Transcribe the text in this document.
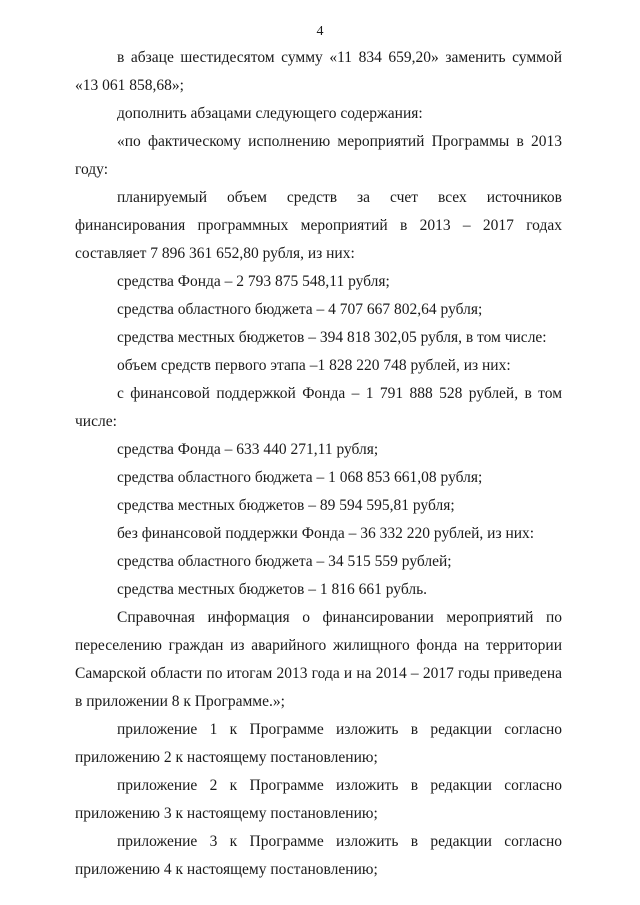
4

в абзаце шестидесятом сумму «11 834 659,20» заменить суммой «13 061 858,68»;

дополнить абзацами следующего содержания:

«по фактическому исполнению мероприятий Программы в 2013 году:

планируемый объем средств за счет всех источников финансирования программных мероприятий в 2013 – 2017 годах составляет 7 896 361 652,80 рубля, из них:

средства Фонда – 2 793 875 548,11 рубля;

средства областного бюджета – 4 707 667 802,64 рубля;

средства местных бюджетов – 394 818 302,05 рубля, в том числе:

объем средств первого этапа –1 828 220 748 рублей, из них:

с финансовой поддержкой Фонда – 1 791 888 528 рублей, в том числе:

средства Фонда – 633 440 271,11 рубля;

средства областного бюджета – 1 068 853 661,08 рубля;

средства местных бюджетов – 89 594 595,81 рубля;

без финансовой поддержки Фонда – 36 332 220 рублей, из них:

средства областного бюджета – 34 515 559 рублей;

средства местных бюджетов – 1 816 661 рубль.

Справочная информация о финансировании мероприятий по переселению граждан из аварийного жилищного фонда на территории Самарской области по итогам 2013 года и на 2014 – 2017 годы приведена в приложении 8 к Программе.»;

приложение 1 к Программе изложить в редакции согласно приложению 2 к настоящему постановлению;

приложение 2 к Программе изложить в редакции согласно приложению 3 к настоящему постановлению;

приложение 3 к Программе изложить в редакции согласно приложению 4 к настоящему постановлению;
